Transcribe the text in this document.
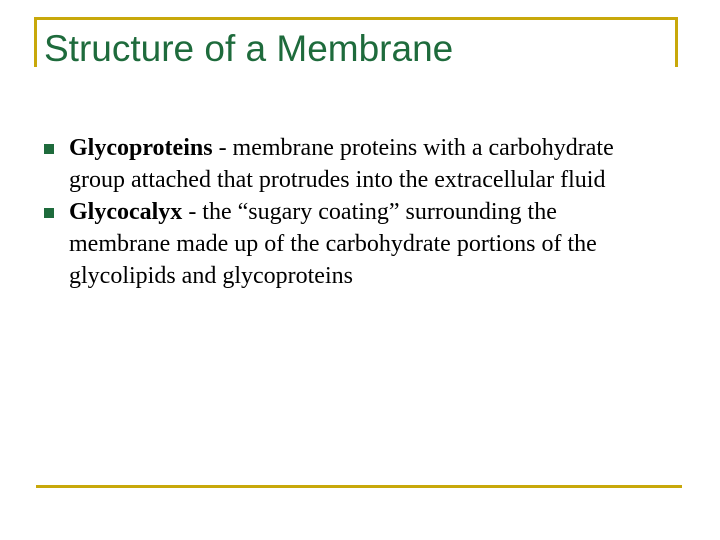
Structure of a Membrane
Glycoproteins - membrane proteins with a carbohydrate group attached that protrudes into the extracellular fluid
Glycocalyx - the “sugary coating” surrounding the membrane made up of the carbohydrate portions of the glycolipids and glycoproteins
